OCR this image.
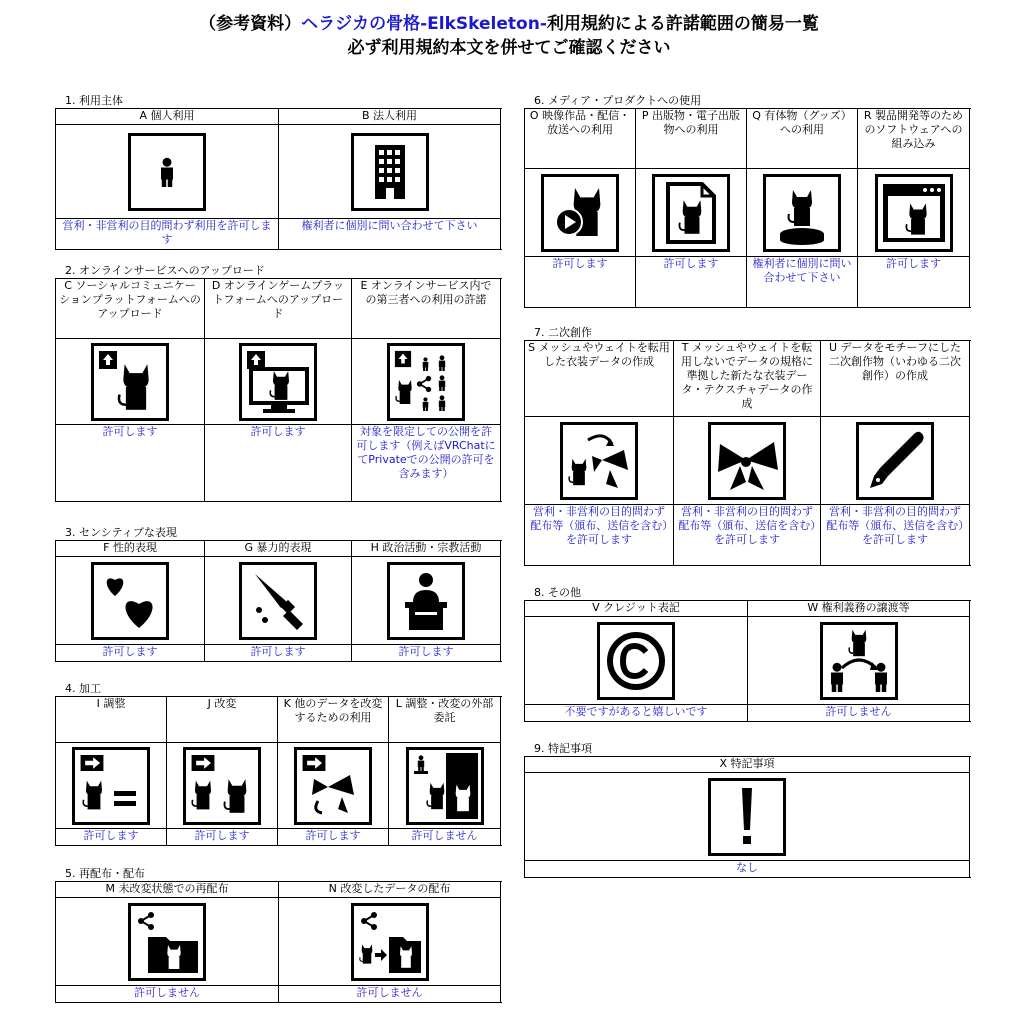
（参考資料）ヘラジカの骨格-ElkSkeleton-利用規約による許諾範囲の簡易一覧
必ず利用規約本文を併せてご確認ください
1. 利用主体
A 個人利用
営利・非営利の目的問わず利用を許可します
B 法人利用
権利者に個別に問い合わせて下さい
2. オンラインサービスへのアップロード
C ソーシャルコミュニケーションプラットフォームへのアップロード
許可します
D オンラインゲームプラットフォームへのアップロード
許可します
E オンラインサービス内での第三者への利用の許諾
対象を限定しての公開を許可します（例えばVRChatにてPrivateでの公開の許可を含みます）
3. センシティブな表現
F 性的表現
許可します
G 暴力的表現
許可します
H 政治活動・宗教活動
許可します
4. 加工
I 調整
許可します
J 改変
許可します
K 他のデータを改変するための利用
許可します
L 調整・改変の外部委託
許可しません
5. 再配布・配布
M 未改変状態での再配布
許可しません
N 改変したデータの配布
許可しません
6. メディア・プロダクトへの使用
O 映像作品・配信・放送への利用
許可します
P 出版物・電子出版物への利用
許可します
Q 有体物（グッズ）への利用
権利者に個別に問い合わせて下さい
R 製品開発等のためのソフトウェアへの組み込み
許可します
7. 二次創作
S メッシュやウェイトを転用した衣装データの作成
営利・非営利の目的問わず配布等（頒布、送信を含む）を許可します
T メッシュやウェイトを転用しないでデータの規格に準拠した新たな衣装データ・テクスチャデータの作成
営利・非営利の目的問わず配布等（頒布、送信を含む）を許可します
U データをモチーフにした二次創作物（いわゆる二次創作）の作成
営利・非営利の目的問わず配布等（頒布、送信を含む）を許可します
8. その他
V クレジット表記
不要ですがあると嬉しいです
W 権利義務の譲渡等
許可しません
9. 特記事項
X 特記事項
なし
